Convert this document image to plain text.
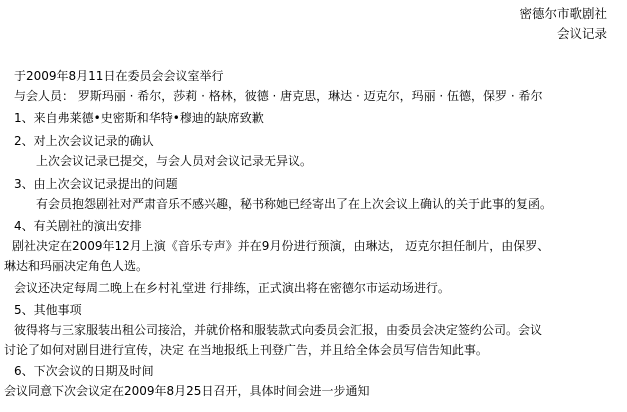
密德尔市歌剧社
会议记录
于2009年8月11日在委员会会议室举行
与会人员： 罗斯玛丽 · 希尔，莎莉 · 格林，彼德 · 唐克思，琳达 · 迈克尔，玛丽 · 伍德，保罗 · 希尔
1、来自弗莱德•史密斯和华特•穆迪的缺席致歉
2、对上次会议记录的确认
上次会议记录已提交，与会人员对会议记录无异议。
3、由上次会议记录提出的问题
有会员抱怨剧社对严肃音乐不感兴趣，秘书称她已经寄出了在上次会议上确认的关于此事的复函。
4、有关剧社的演出安排
剧社决定在2009年12月上演《音乐专声》并在9月份进行预演，由琳达， 迈克尔担任制片，由保罗、
琳达和玛丽决定角色人选。
会议还决定每周二晚上在乡村礼堂进 行排练，正式演出将在密德尔市运动场进行。
5、其他事项
彼得将与三家服装出租公司接洽，并就价格和服装款式向委员会汇报，由委员会决定签约公司。会议
讨论了如何对剧目进行宣传，决定 在当地报纸上刊登广告，并且给全体会员写信告知此事。
6、下次会议的日期及时间
会议同意下次会议定在2009年8月25日召开，具体时间会进一步通知
